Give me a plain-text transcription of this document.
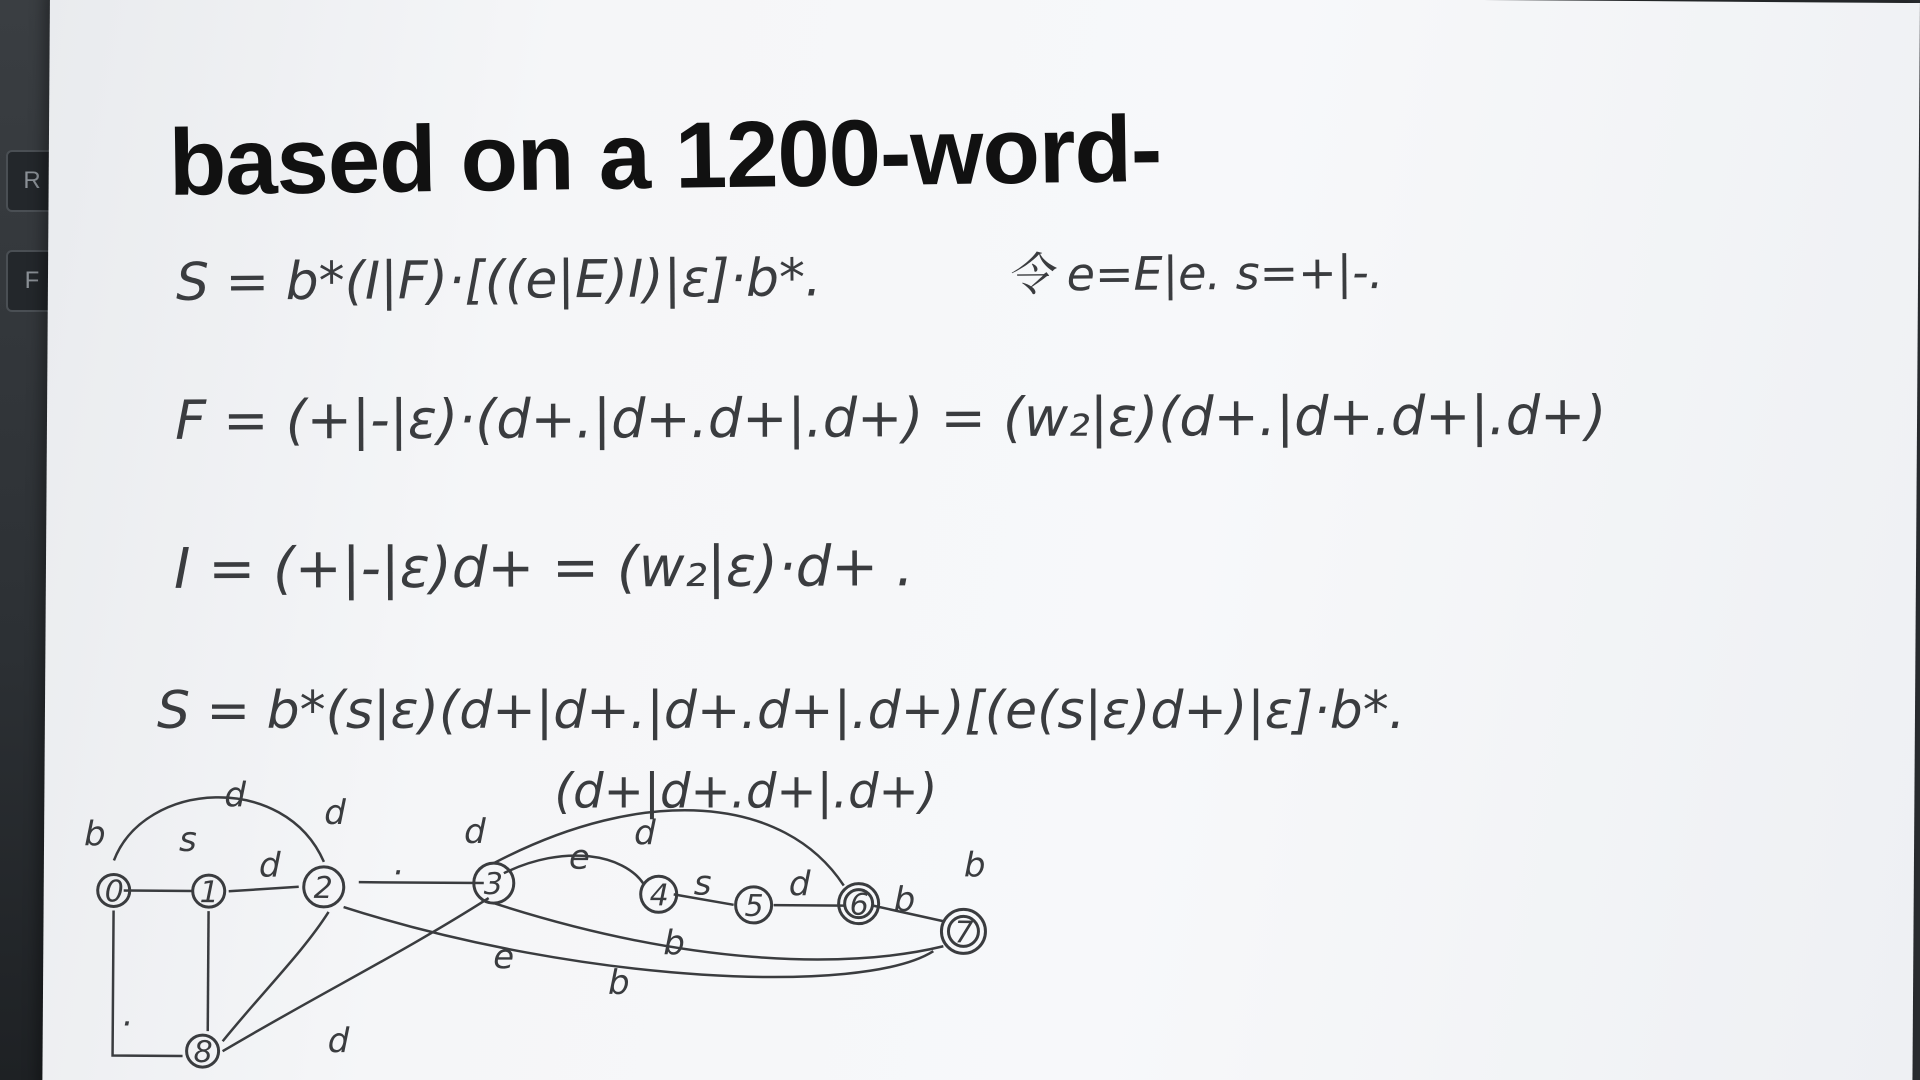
R
F
based on a 1200-word-
S = b*(I|F)·[((e|E)I)|ε]·b*.	令 e=E|e. s=+|-.
F = (+|-|ε)·(d+.|d+.d+|.d+) = (w₂|ε)(d+.|d+.d+|.d+)
I = (+|-|ε)d+ = (w₂|ε)·d+ .
S = b*(s|ε)(d+|d+.|d+.d+|.d+)[(e(s|ε)d+)|ε]·b*.
(d+|d+.d+|.d+)
0	1	2	3	4	5	6
7
8
b s
d d
d	.
d
e
d
s d b
b
e	b
b
d
.
